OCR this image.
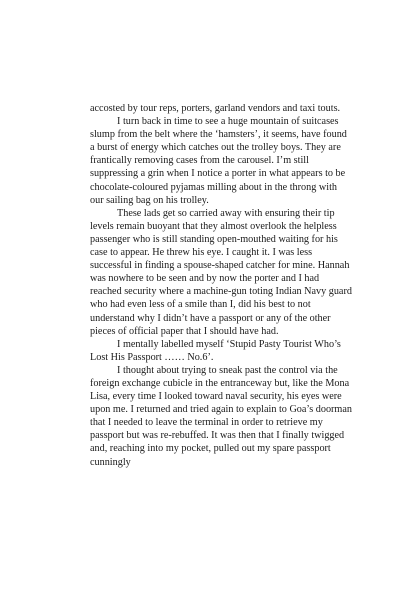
accosted by tour reps, porters, garland vendors and taxi touts.

I turn back in time to see a huge mountain of suitcases slump from the belt where the ‘hamsters’, it seems, have found a burst of energy which catches out the trolley boys. They are frantically removing cases from the carousel. I’m still suppressing a grin when I notice a porter in what appears to be chocolate-coloured pyjamas milling about in the throng with our sailing bag on his trolley.

These lads get so carried away with ensuring their tip levels remain buoyant that they almost overlook the helpless passenger who is still standing open-mouthed waiting for his case to appear. He threw his eye. I caught it. I was less successful in finding a spouse-shaped catcher for mine. Hannah was nowhere to be seen and by now the porter and I had reached security where a machine-gun toting Indian Navy guard who had even less of a smile than I, did his best to not understand why I didn’t have a passport or any of the other pieces of official paper that I should have had.

I mentally labelled myself ‘Stupid Pasty Tourist Who’s Lost His Passport …… No.6’.

I thought about trying to sneak past the control via the foreign exchange cubicle in the entranceway but, like the Mona Lisa, every time I looked toward naval security, his eyes were upon me. I returned and tried again to explain to Goa’s doorman that I needed to leave the terminal in order to retrieve my passport but was re-rebuffed. It was then that I finally twigged and, reaching into my pocket, pulled out my spare passport cunningly
